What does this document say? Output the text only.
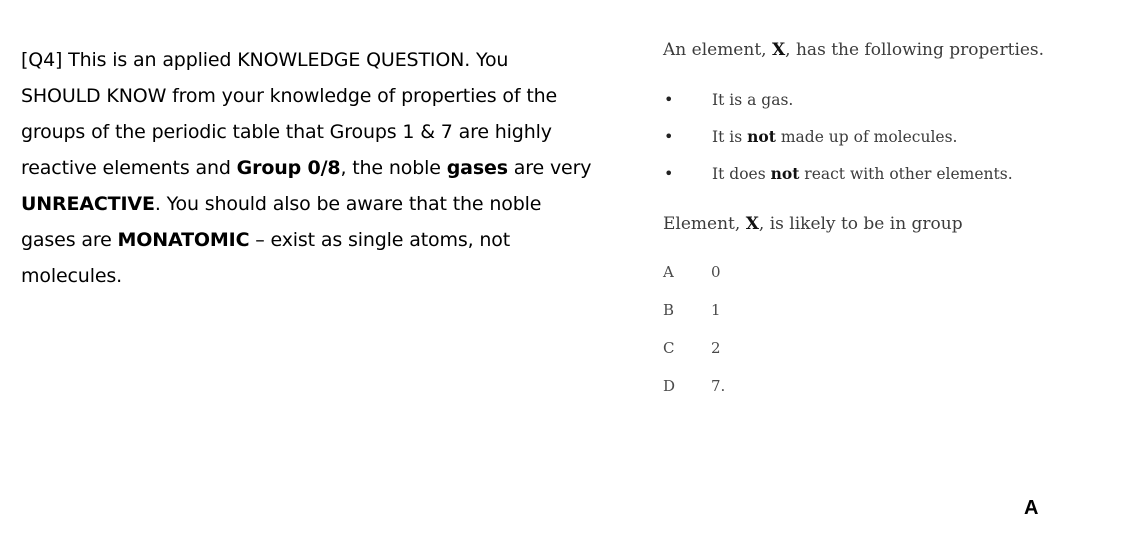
[Q4] This is an applied KNOWLEDGE QUESTION. You
SHOULD KNOW from your knowledge of properties of the
groups of the periodic table that Groups 1 & 7 are highly
reactive elements and Group 0/8, the noble gases are very
UNREACTIVE. You should also be aware that the noble
gases are MONATOMIC – exist as single atoms, not
molecules.
An element, X, has the following properties.
• It is a gas.
• It is not made up of molecules.
• It does not react with other elements.
Element, X, is likely to be in group
A 0
B 1
C 2
D 7.
A
